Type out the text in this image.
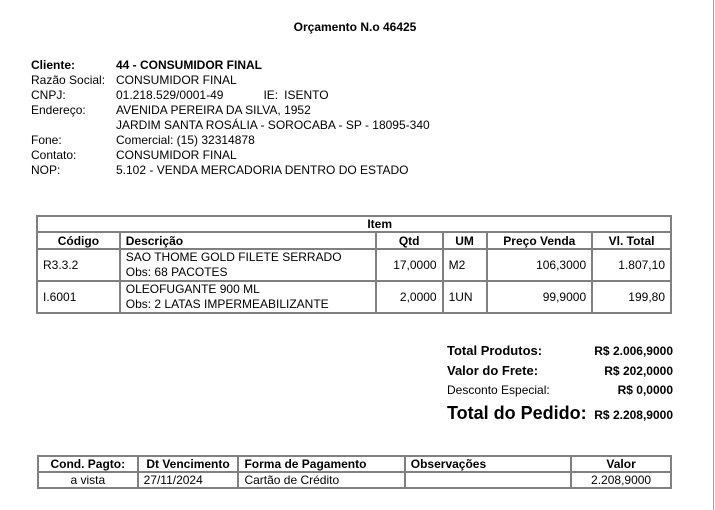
Orçamento N.o 46425
Cliente:	44 - CONSUMIDOR FINAL
Razão Social: CONSUMIDOR FINAL
CNPJ:	01.218.529/0001-49	IE: ISENTO
Endereço:	AVENIDA PEREIRA DA SILVA, 1952
JARDIM SANTA ROSÁLIA - SOROCABA - SP - 18095-340
Fone:	Comercial: (15) 32314878
Contato:	CONSUMIDOR FINAL
NOP:	5.102 - VENDA MERCADORIA DENTRO DO ESTADO
Item					
Código	Descrição	Qtd	UM	Preço Venda	Vl. Total
R3.3.2	SAO THOME GOLD FILETE SERRADO
Obs: 68 PACOTES	17,0000	M2	106,3000	1.807,10
I.6001	OLEOFUGANTE 900 ML
Obs: 2 LATAS IMPERMEABILIZANTE	2,0000	1UN	99,9000	199,80
Total Produtos:	R$ 2.006,9000
Valor do Frete:	R$ 202,0000
Desconto Especial:	R$ 0,0000
Total do Pedido: R$ 2.208,9000
Cond. Pagto:	Dt Vencimento	Forma de Pagamento	Observações	Valor
a vista	27/11/2024	Cartão de Crédito		2.208,9000
